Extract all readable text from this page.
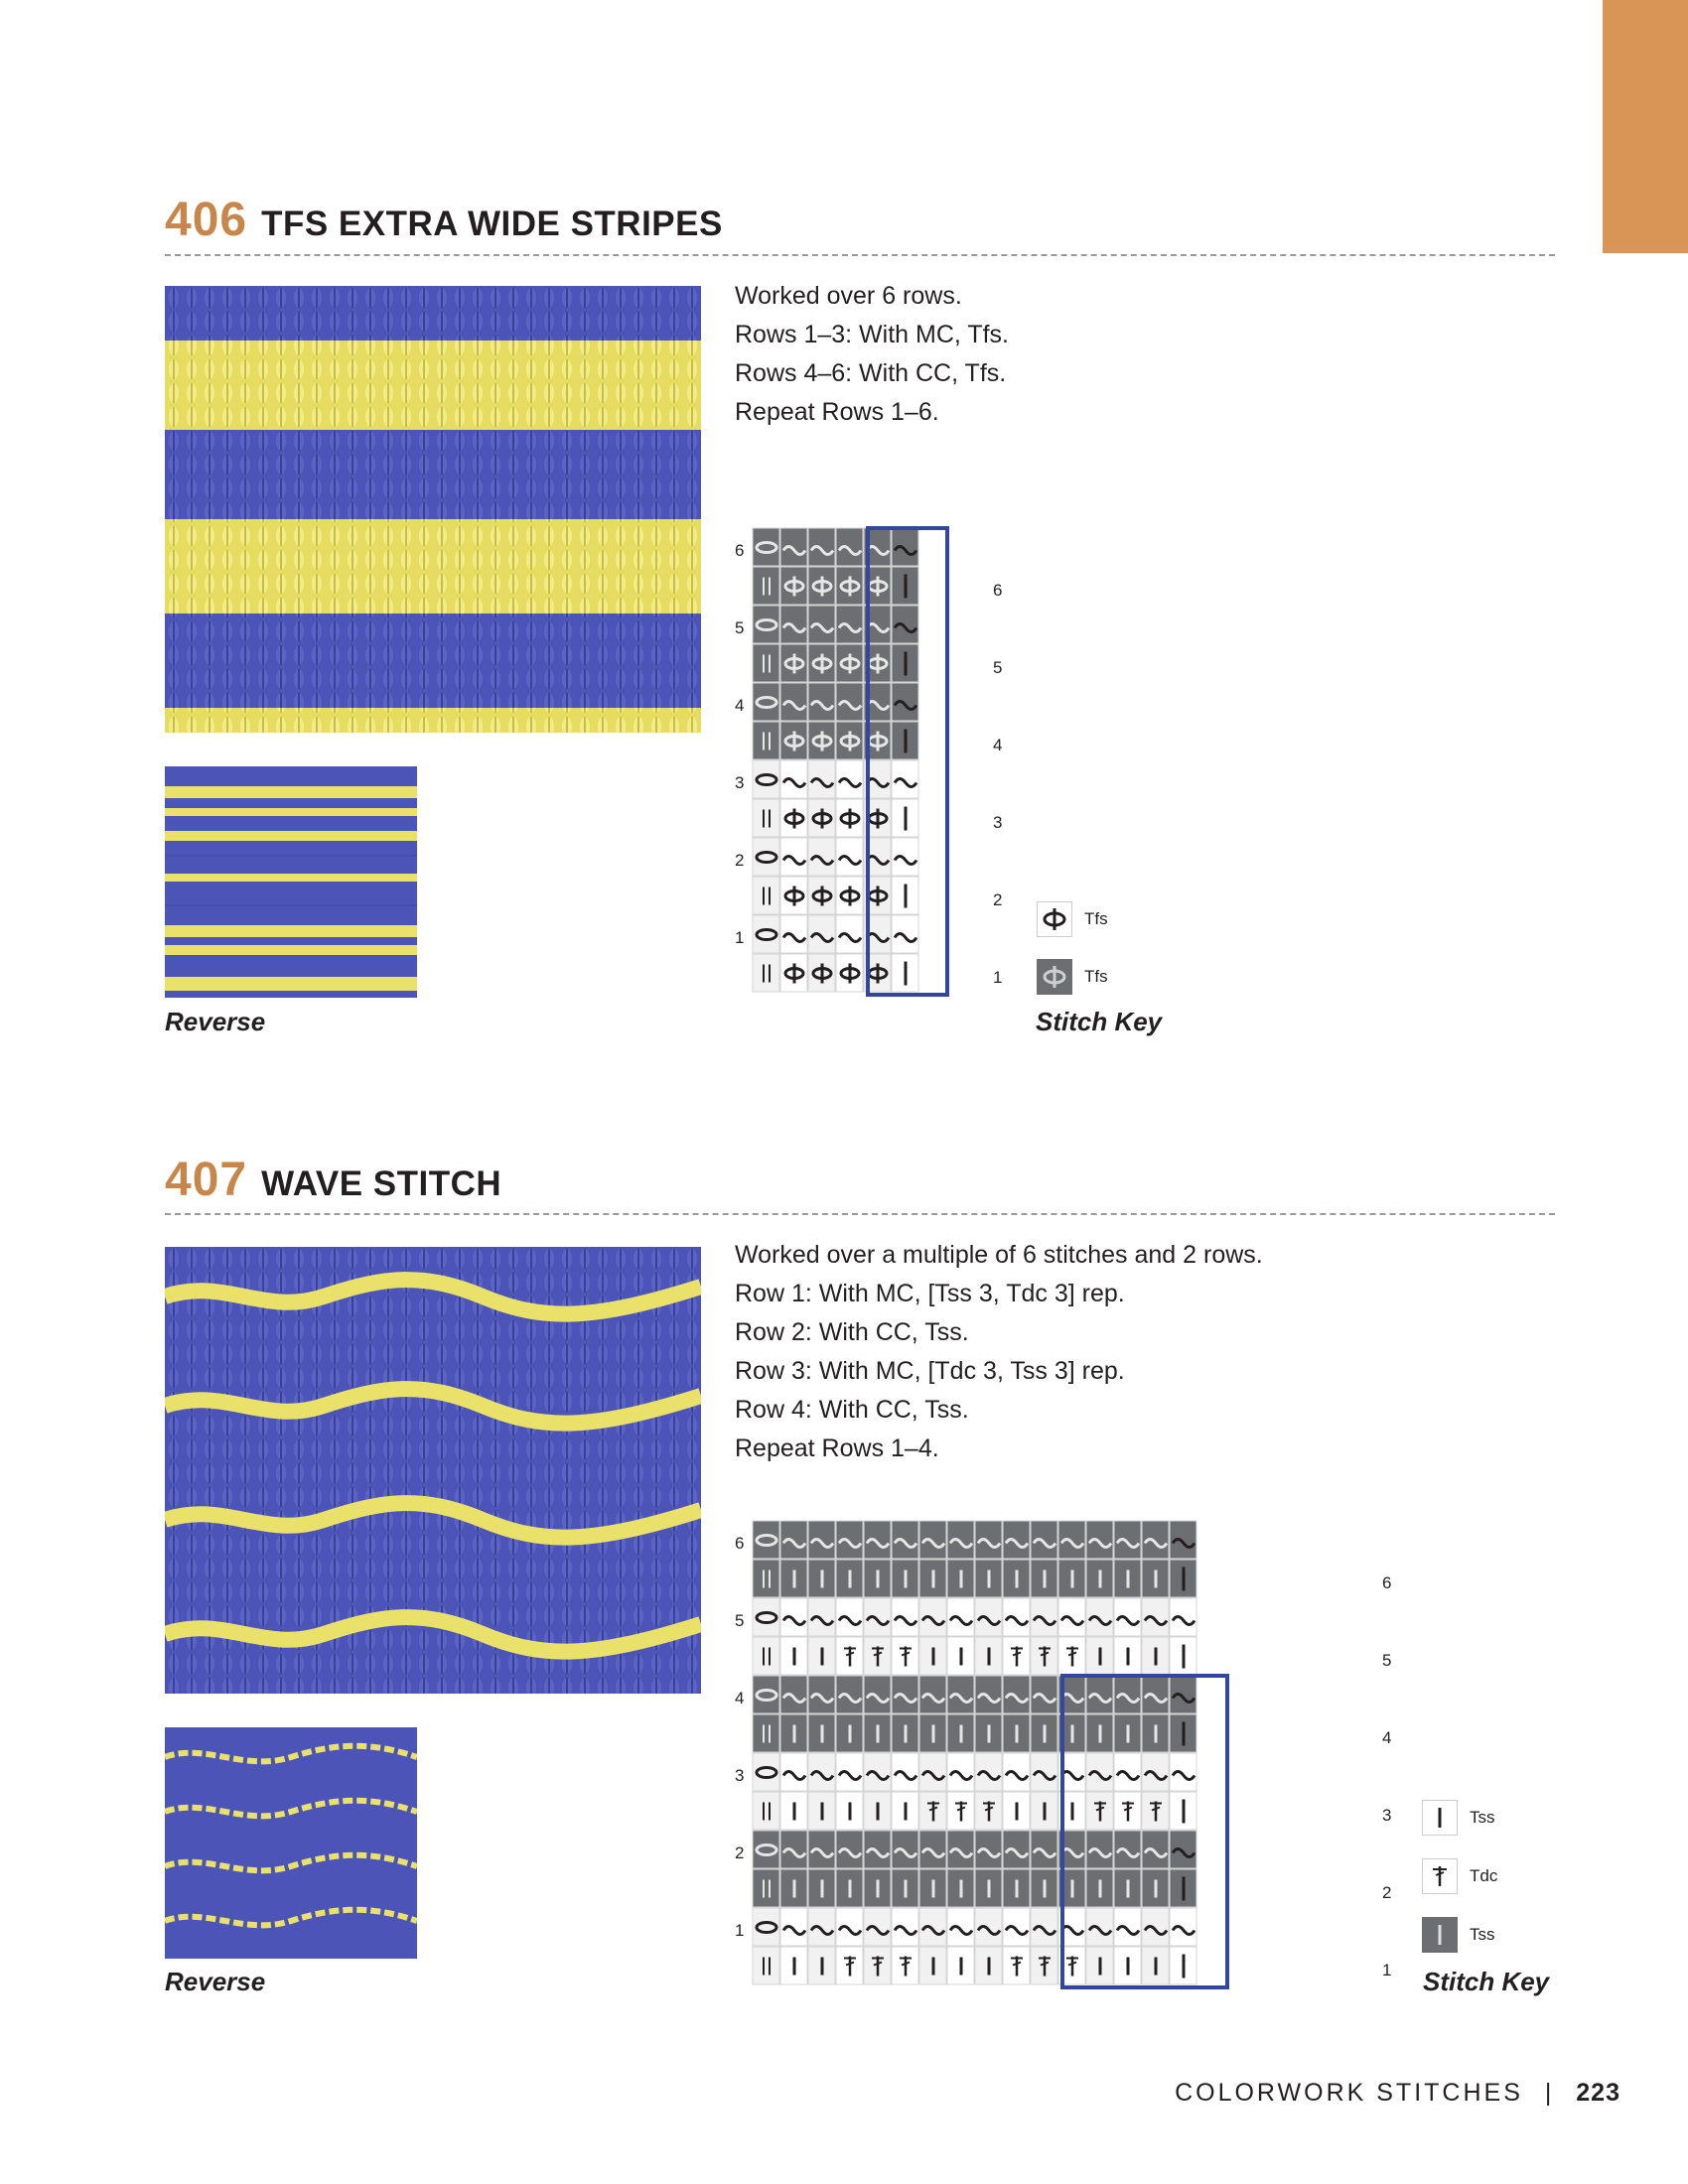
406 TFS EXTRA WIDE STRIPES
Reverse
Worked over 6 rows.
Rows 1–3: With MC, Tfs.
Rows 4–6: With CC, Tfs.
Repeat Rows 1–6.
6
5
4
3
2
1
6
5
4
3
2
1
Tfs
Tfs
Stitch Key
407 WAVE STITCH
Reverse
Worked over a multiple of 6 stitches and 2 rows.
Row 1: With MC, [Tss 3, Tdc 3] rep.
Row 2: With CC, Tss.
Row 3: With MC, [Tdc 3, Tss 3] rep.
Row 4: With CC, Tss.
Repeat Rows 1–4.
6
5
4
3
2
1
6
5
4
3
2
1
Tss
Tdc
Tss
Stitch Key
COLORWORK STITCHES | 223
